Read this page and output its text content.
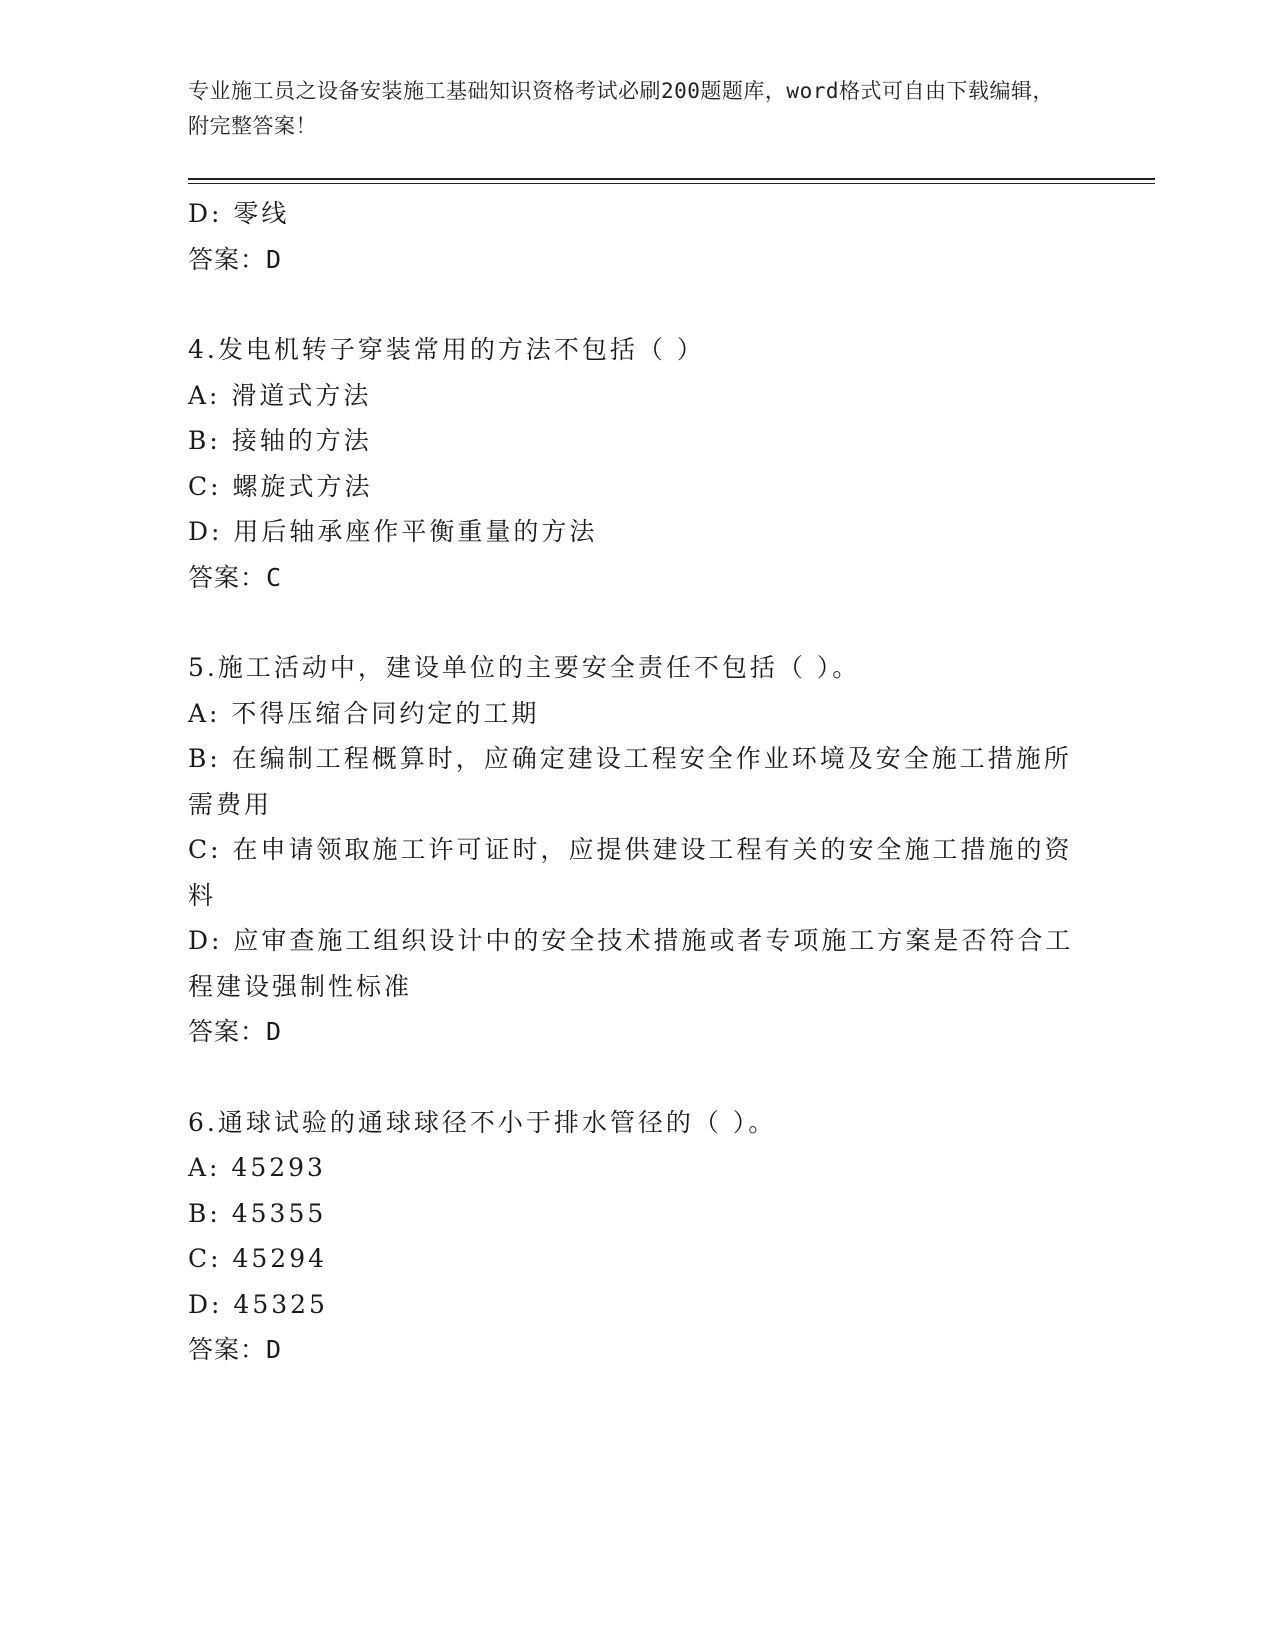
专业施工员之设备安装施工基础知识资格考试必刷200题题库，word格式可自由下载编辑，附完整答案！

D: 零线

答案：D

4.发电机转子穿装常用的方法不包括（ ）

A: 滑道式方法

B: 接轴的方法

C: 螺旋式方法

D: 用后轴承座作平衡重量的方法

答案：C

5.施工活动中，建设单位的主要安全责任不包括（ ）。

A: 不得压缩合同约定的工期

B: 在编制工程概算时，应确定建设工程安全作业环境及安全施工措施所需费用

C: 在申请领取施工许可证时，应提供建设工程有关的安全施工措施的资料

D: 应审查施工组织设计中的安全技术措施或者专项施工方案是否符合工程建设强制性标准

答案：D

6.通球试验的通球球径不小于排水管径的（ ）。

A: 45293

B: 45355

C: 45294

D: 45325

答案：D
